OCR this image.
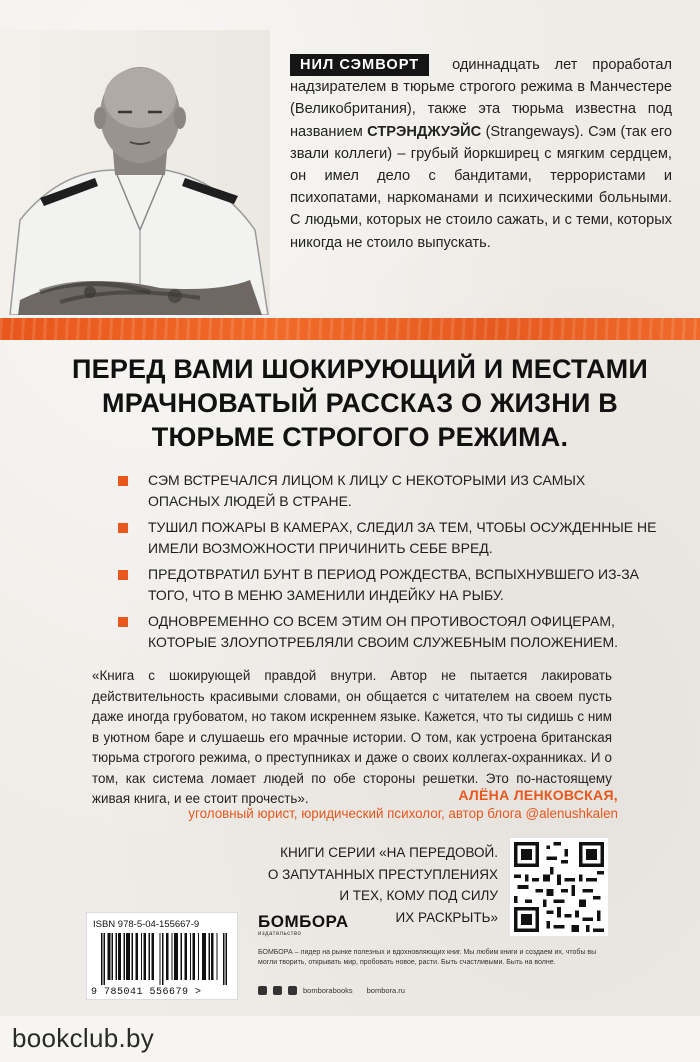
НИЛ СЭМВОРТ одиннадцать лет проработал надзирателем в тюрьме строгого режима в Манчестере (Великобритания), также эта тюрьма известна под названием СТРЭНДЖУЭЙС (Strangeways). Сэм (так его звали коллеги) – грубый йоркширец с мягким сердцем, он имел дело с бандитами, террористами и психопатами, наркоманами и психическими больными. С людьми, которых не стоило сажать, и с теми, которых никогда не стоило выпускать.
ПЕРЕД ВАМИ ШОКИРУЮЩИЙ И МЕСТАМИ МРАЧНОВАТЫЙ РАССКАЗ О ЖИЗНИ В ТЮРЬМЕ СТРОГОГО РЕЖИМА.
СЭМ ВСТРЕЧАЛСЯ ЛИЦОМ К ЛИЦУ С НЕКОТОРЫМИ ИЗ САМЫХ ОПАСНЫХ ЛЮДЕЙ В СТРАНЕ.
ТУШИЛ ПОЖАРЫ В КАМЕРАХ, СЛЕДИЛ ЗА ТЕМ, ЧТОБЫ ОСУЖДЕННЫЕ НЕ ИМЕЛИ ВОЗМОЖНОСТИ ПРИЧИНИТЬ СЕБЕ ВРЕД.
ПРЕДОТВРАТИЛ БУНТ В ПЕРИОД РОЖДЕСТВА, ВСПЫХНУВШЕГО ИЗ-ЗА ТОГО, ЧТО В МЕНЮ ЗАМЕНИЛИ ИНДЕЙКУ НА РЫБУ.
ОДНОВРЕМЕННО СО ВСЕМ ЭТИМ ОН ПРОТИВОСТОЯЛ ОФИЦЕРАМ, КОТОРЫЕ ЗЛОУПОТРЕБЛЯЛИ СВОИМ СЛУЖЕБНЫМ ПОЛОЖЕНИЕМ.
«Книга с шокирующей правдой внутри. Автор не пытается лакировать действительность красивыми словами, он общается с читателем на своем пусть даже иногда грубоватом, но таком искреннем языке. Кажется, что ты сидишь с ним в уютном баре и слушаешь его мрачные истории. О том, как устроена британская тюрьма строгого режима, о преступниках и даже о своих коллегах-охранниках. И о том, как система ломает людей по обе стороны решетки. Это по-настоящему живая книга, и ее стоит прочесть».	АЛЁНА ЛЕНКОВСКАЯ,
уголовный юрист, юридический психолог, автор блога @alenushkalen
КНИГИ СЕРИИ «НА ПЕРЕДОВОЙ.
О ЗАПУТАННЫХ ПРЕСТУПЛЕНИЯХ
И ТЕХ, КОМУ ПОД СИЛУ
ИХ РАСКРЫТЬ»
ISBN 978-5-04-155667-9
9 785041 556679 >
БОМБОРА
издательство
БОМБОРА – лидер на рынке полезных и вдохновляющих книг. Мы любим книги и создаем их, чтобы вы могли творить, открывать мир, пробовать новое, расти. Быть счастливыми. Быть на волне.
bomborabooks bombora.ru
bookclub.by
